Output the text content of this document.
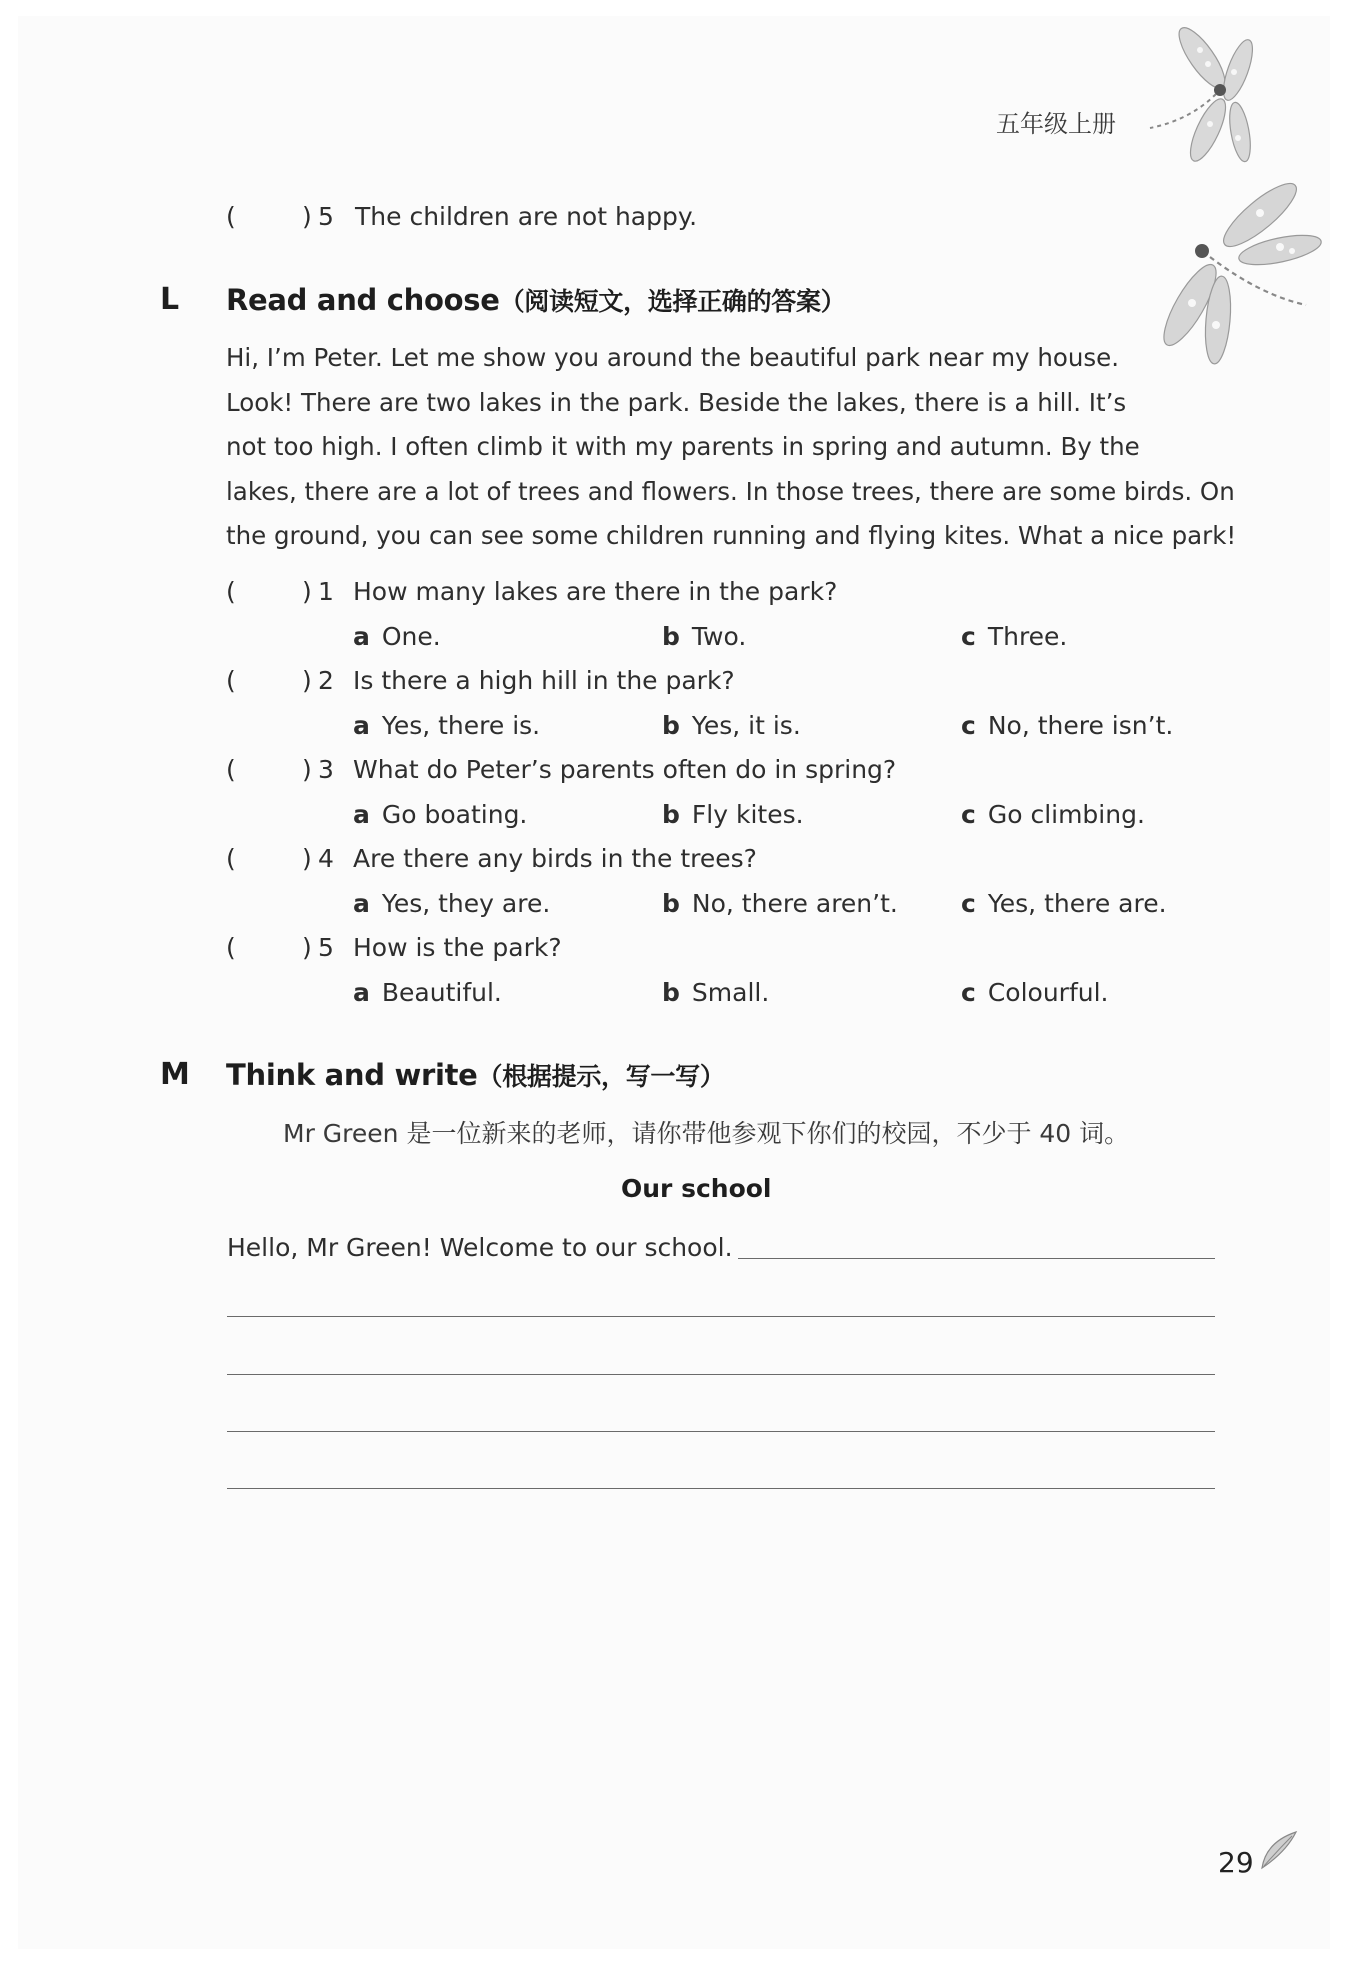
五年级上册
(	) 5 The children are not happy.
L Read and choose（阅读短文，选择正确的答案）

Hi, I’m Peter. Let me show you around the beautiful park near my house.

Look! There are two lakes in the park. Beside the lakes, there is a hill. It’s

not too high. I often climb it with my parents in spring and autumn. By the

lakes, there are a lot of trees and flowers. In those trees, there are some birds. On

the ground, you can see some children running and flying kites. What a nice park!

(	) 1 How many lakes are there in the park?
a One.	b Two.	c Three.
(	) 2 Is there a high hill in the park?
a Yes, there is.	b Yes, it is.	c No, there isn’t.
(	) 3 What do Peter’s parents often do in spring?
a Go boating.	b Fly kites.	c Go climbing.
(	) 4 Are there any birds in the trees?
a Yes, they are.	b No, there aren’t.	c Yes, there are.
(	) 5 How is the park?
a Beautiful.	b Small.	c Colourful.
M Think and write（根据提示，写一写）
Mr Green 是一位新来的老师，请你带他参观下你们的校园，不少于 40 词。
Our school
Hello, Mr Green! Welcome to our school.
29
